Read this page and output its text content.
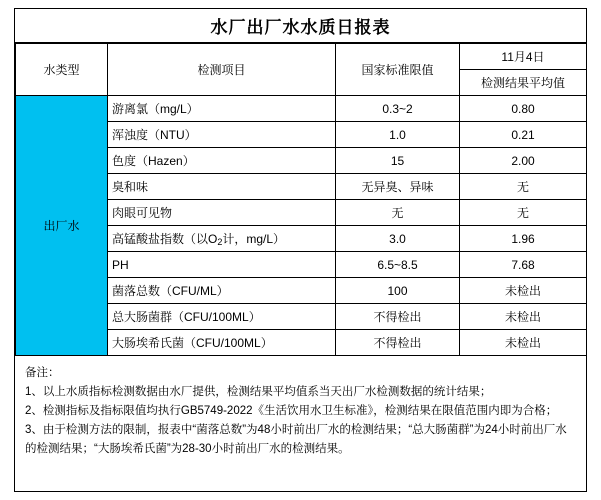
水厂出厂水水质日报表
水类型	检测项目	国家标准限值	11月4日
			检测结果平均值
出厂水	游离氯（mg/L）	0.3~2	0.80
	浑浊度（NTU）	1.0	0.21
	色度（Hazen）	15	2.00
	臭和味	无异臭、异味	无
	肉眼可见物	无	无
	高锰酸盐指数（以$O_2$计，mg/L）	3.0	1.96
	PH	6.5~8.5	7.68
	菌落总数（CFU/ML）	100	未检出
	总大肠菌群（CFU/100ML）	不得检出	未检出
	大肠埃希氏菌（CFU/100ML）	不得检出	未检出
备注：
1、以上水质指标检测数据由水厂提供，检测结果平均值系当天出厂水检测数据的统计结果；
2、检测指标及指标限值均执行GB5749-2022《生活饮用水卫生标准》，检测结果在限值范围内即为合格；
3、由于检测方法的限制，报表中“菌落总数”为48小时前出厂水的检测结果；“总大肠菌群”为24小时前出厂水的检测结果；“大肠埃希氏菌”为28-30小时前出厂水的检测结果。
